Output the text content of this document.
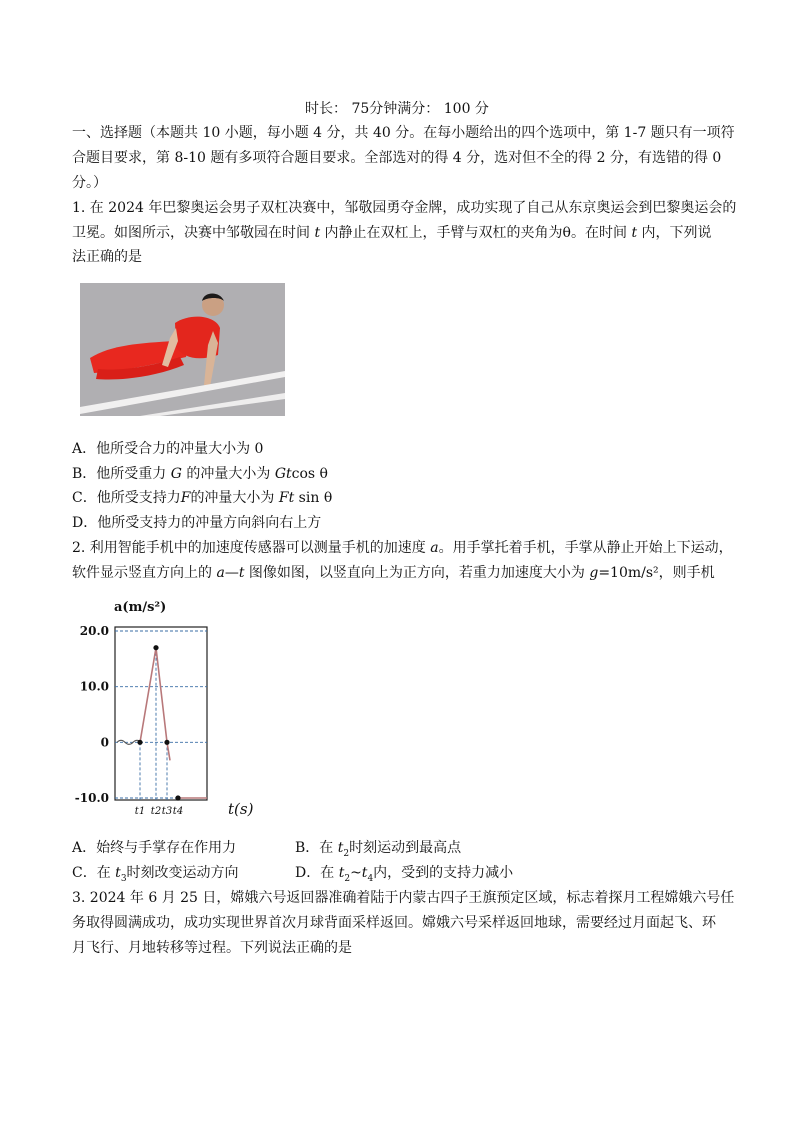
时长： 75分钟满分： 100 分
一、选择题（本题共 10 小题，每小题 4 分，共 40 分。在每小题给出的四个选项中，第 1-7 题只有一项符
合题目要求，第 8-10 题有多项符合题目要求。全部选对的得 4 分，选对但不全的得 2 分，有选错的得 0
分。）
1. 在 2024 年巴黎奥运会男子双杠决赛中，邹敬园勇夺金牌，成功实现了自己从东京奥运会到巴黎奥运会的
卫冕。如图所示，决赛中邹敬园在时间 t 内静止在双杠上，手臂与双杠的夹角为θ。在时间 t 内，下列说
法正确的是
A．他所受合力的冲量大小为 0
B．他所受重力 G 的冲量大小为 Gtcos θ
C．他所受支持力F的冲量大小为 Ft sin θ
D．他所受支持力的冲量方向斜向右上方
2. 利用智能手机中的加速度传感器可以测量手机的加速度 a。用手掌托着手机，手掌从静止开始上下运动，
软件显示竖直方向上的 a—t 图像如图，以竖直向上为正方向，若重力加速度大小为 g=10m/s²，则手机
a(m/s²)
t(s)
20.0
10.0
0
-10.0
t1 t2 t3 t4
A．始终与手掌存在作用力	B．在 $t_2$时刻运动到最高点
C．在 $t_3$时刻改变运动方向	D．在 $t_2\sim t_4$内，受到的支持力减小
3. 2024 年 6 月 25 日，嫦娥六号返回器准确着陆于内蒙古四子王旗预定区域，标志着探月工程嫦娥六号任
务取得圆满成功，成功实现世界首次月球背面采样返回。嫦娥六号采样返回地球，需要经过月面起飞、环
月飞行、月地转移等过程。下列说法正确的是
